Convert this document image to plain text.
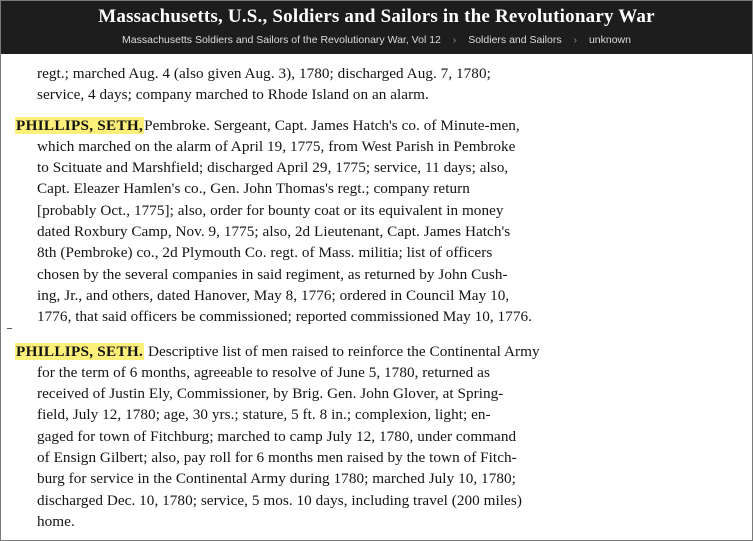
Massachusetts, U.S., Soldiers and Sailors in the Revolutionary War
Massachusetts Soldiers and Sailors of the Revolutionary War, Vol 12 › Soldiers and Sailors › unknown
regt.; marched Aug. 4 (also given Aug. 3), 1780; discharged Aug. 7, 1780;
service, 4 days; company marched to Rhode Island on an alarm.
PHILLIPS, SETH,Pembroke. Sergeant, Capt. James Hatch's co. of Minute-men,
which marched on the alarm of April 19, 1775, from West Parish in Pembroke
to Scituate and Marshfield; discharged April 29, 1775; service, 11 days; also,
Capt. Eleazer Hamlen's co., Gen. John Thomas's regt.; company return
[probably Oct., 1775]; also, order for bounty coat or its equivalent in money
dated Roxbury Camp, Nov. 9, 1775; also, 2d Lieutenant, Capt. James Hatch's
8th (Pembroke) co., 2d Plymouth Co. regt. of Mass. militia; list of officers
chosen by the several companies in said regiment, as returned by John Cush-
ing, Jr., and others, dated Hanover, May 8, 1776; ordered in Council May 10,
1776, that said officers be commissioned; reported commissioned May 10, 1776.
PHILLIPS, SETH. Descriptive list of men raised to reinforce the Continental Army
for the term of 6 months, agreeable to resolve of June 5, 1780, returned as
received of Justin Ely, Commissioner, by Brig. Gen. John Glover, at Spring-
field, July 12, 1780; age, 30 yrs.; stature, 5 ft. 8 in.; complexion, light; en-
gaged for town of Fitchburg; marched to camp July 12, 1780, under command
of Ensign Gilbert; also, pay roll for 6 months men raised by the town of Fitch-
burg for service in the Continental Army during 1780; marched July 10, 1780;
discharged Dec. 10, 1780; service, 5 mos. 10 days, including travel (200 miles)
home.
